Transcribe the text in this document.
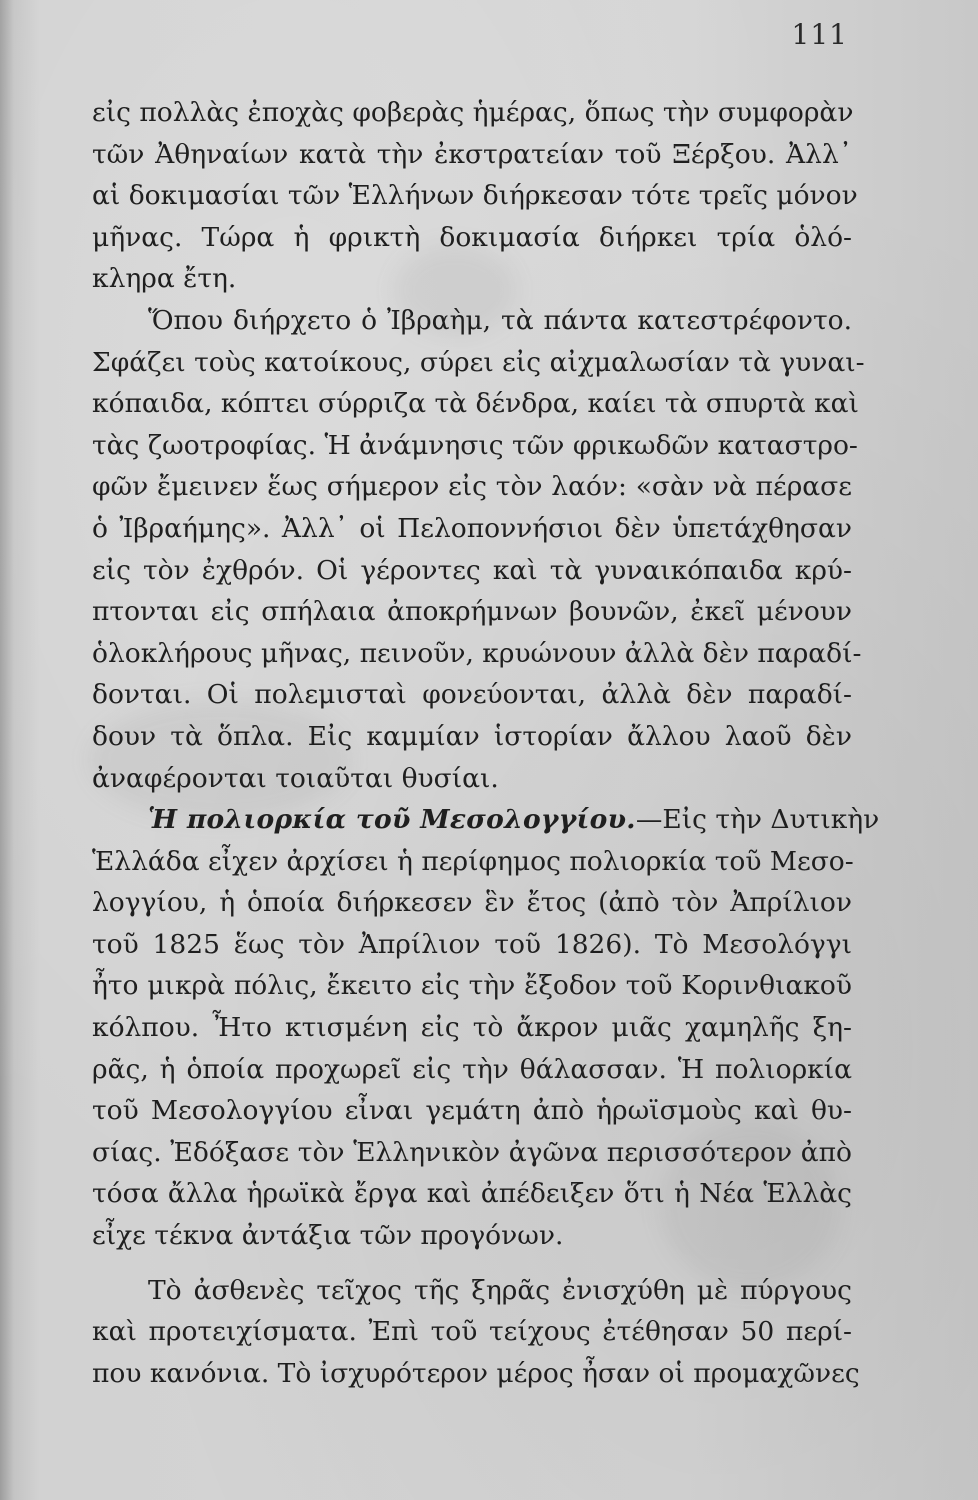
111
εἰς πολλὰς ἐποχὰς φοβερὰς ἡμέρας, ὅπως τὴν συμφορὰν
τῶν Ἀθηναίων κατὰ τὴν ἐκστρατείαν τοῦ Ξέρξου. Ἀλλ᾽
αἱ δοκιμασίαι τῶν Ἑλλήνων διήρκεσαν τότε τρεῖς μόνον
μῆνας. Τώρα ἡ φρικτὴ δοκιμασία διήρκει τρία ὁλό-
κληρα ἔτη.
Ὅπου διήρχετο ὁ Ἰβραὴμ, τὰ πάντα κατεστρέφοντο.
Σφάζει τοὺς κατοίκους, σύρει εἰς αἰχμαλωσίαν τὰ γυναι-
κόπαιδα, κόπτει σύρριζα τὰ δένδρα, καίει τὰ σπυρτὰ καὶ
τὰς ζωοτροφίας. Ἡ ἀνάμνησις τῶν φρικωδῶν καταστρο-
φῶν ἔμεινεν ἕως σήμερον εἰς τὸν λαόν: «σὰν νὰ πέρασε
ὁ Ἰβραήμης». Ἀλλ᾽ οἱ Πελοποννήσιοι δὲν ὑπετάχθησαν
εἰς τὸν ἐχθρόν. Οἱ γέροντες καὶ τὰ γυναικόπαιδα κρύ-
πτονται εἰς σπήλαια ἀποκρήμνων βουνῶν, ἐκεῖ μένουν
ὁλοκλήρους μῆνας, πεινοῦν, κρυώνουν ἀλλὰ δὲν παραδί-
δονται. Οἱ πολεμισταὶ φονεύονται, ἀλλὰ δὲν παραδί-
δουν τὰ ὅπλα. Εἰς καμμίαν ἱστορίαν ἄλλου λαοῦ δὲν
ἀναφέρονται τοιαῦται θυσίαι.
Ἡ πολιορκία τοῦ Μεσολογγίου.—Εἰς τὴν Δυτικὴν
Ἑλλάδα εἶχεν ἀρχίσει ἡ περίφημος πολιορκία τοῦ Μεσο-
λογγίου, ἡ ὁποία διήρκεσεν ἓν ἔτος (ἀπὸ τὸν Ἀπρίλιον
τοῦ 1825 ἕως τὸν Ἀπρίλιον τοῦ 1826). Τὸ Μεσολόγγι
ἦτο μικρὰ πόλις, ἔκειτο εἰς τὴν ἔξοδον τοῦ Κορινθιακοῦ
κόλπου. Ἦτο κτισμένη εἰς τὸ ἄκρον μιᾶς χαμηλῆς ξη-
ρᾶς, ἡ ὁποία προχωρεῖ εἰς τὴν θάλασσαν. Ἡ πολιορκία
τοῦ Μεσολογγίου εἶναι γεμάτη ἀπὸ ἡρωϊσμοὺς καὶ θυ-
σίας. Ἐδόξασε τὸν Ἑλληνικὸν ἀγῶνα περισσότερον ἀπὸ
τόσα ἄλλα ἡρωϊκὰ ἔργα καὶ ἀπέδειξεν ὅτι ἡ Νέα Ἑλλὰς
εἶχε τέκνα ἀντάξια τῶν προγόνων.
Τὸ ἀσθενὲς τεῖχος τῆς ξηρᾶς ἐνισχύθη μὲ πύργους
καὶ προτειχίσματα. Ἐπὶ τοῦ τείχους ἐτέθησαν 50 περί-
που κανόνια. Τὸ ἰσχυρότερον μέρος ἦσαν οἱ προμαχῶνες
